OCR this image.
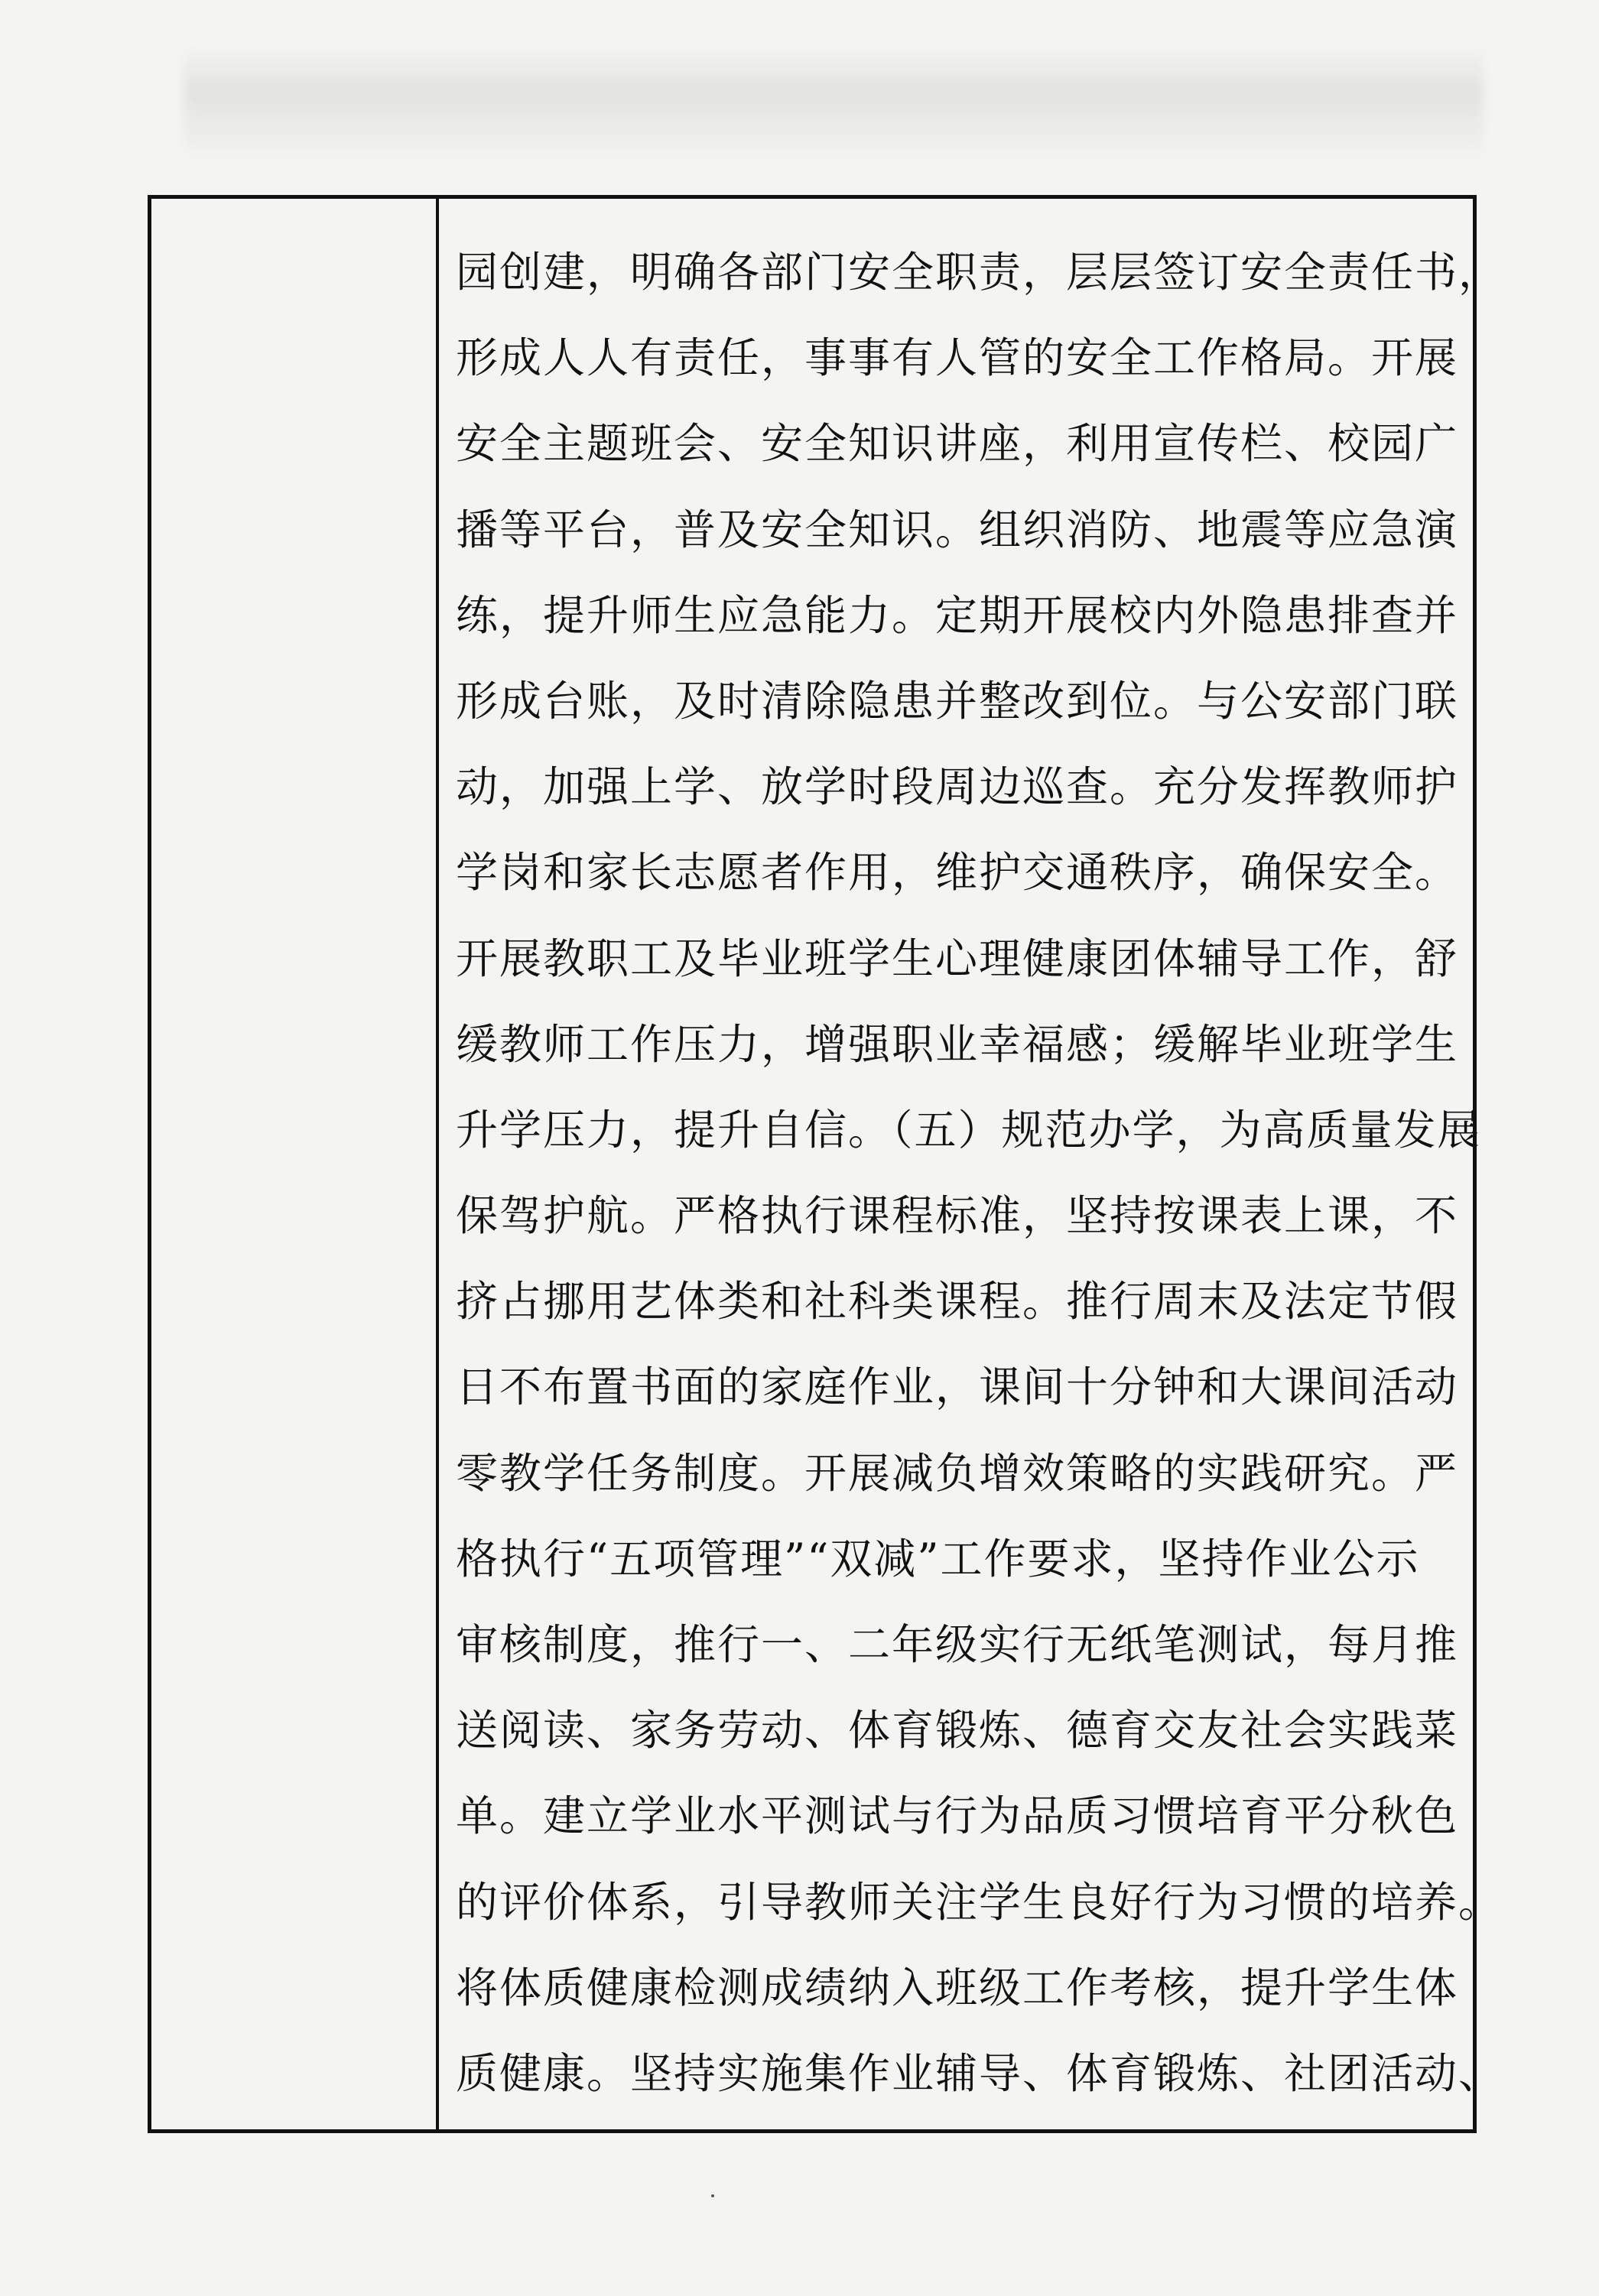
园创建，明确各部门安全职责，层层签订安全责任书，
形成人人有责任，事事有人管的安全工作格局。开展
安全主题班会、安全知识讲座，利用宣传栏、校园广
播等平台，普及安全知识。组织消防、地震等应急演
练，提升师生应急能力。定期开展校内外隐患排查并
形成台账，及时清除隐患并整改到位。与公安部门联
动，加强上学、放学时段周边巡查。充分发挥教师护
学岗和家长志愿者作用，维护交通秩序，确保安全。
开展教职工及毕业班学生心理健康团体辅导工作，舒
缓教师工作压力，增强职业幸福感；缓解毕业班学生
升学压力，提升自信。（五）规范办学，为高质量发展
保驾护航。严格执行课程标准，坚持按课表上课，不
挤占挪用艺体类和社科类课程。推行周末及法定节假
日不布置书面的家庭作业，课间十分钟和大课间活动
零教学任务制度。开展减负增效策略的实践研究。严
格执行“五项管理”“双减”工作要求，坚持作业公示
审核制度，推行一、二年级实行无纸笔测试，每月推
送阅读、家务劳动、体育锻炼、德育交友社会实践菜
单。建立学业水平测试与行为品质习惯培育平分秋色
的评价体系，引导教师关注学生良好行为习惯的培养。
将体质健康检测成绩纳入班级工作考核，提升学生体
质健康。坚持实施集作业辅导、体育锻炼、社团活动、
